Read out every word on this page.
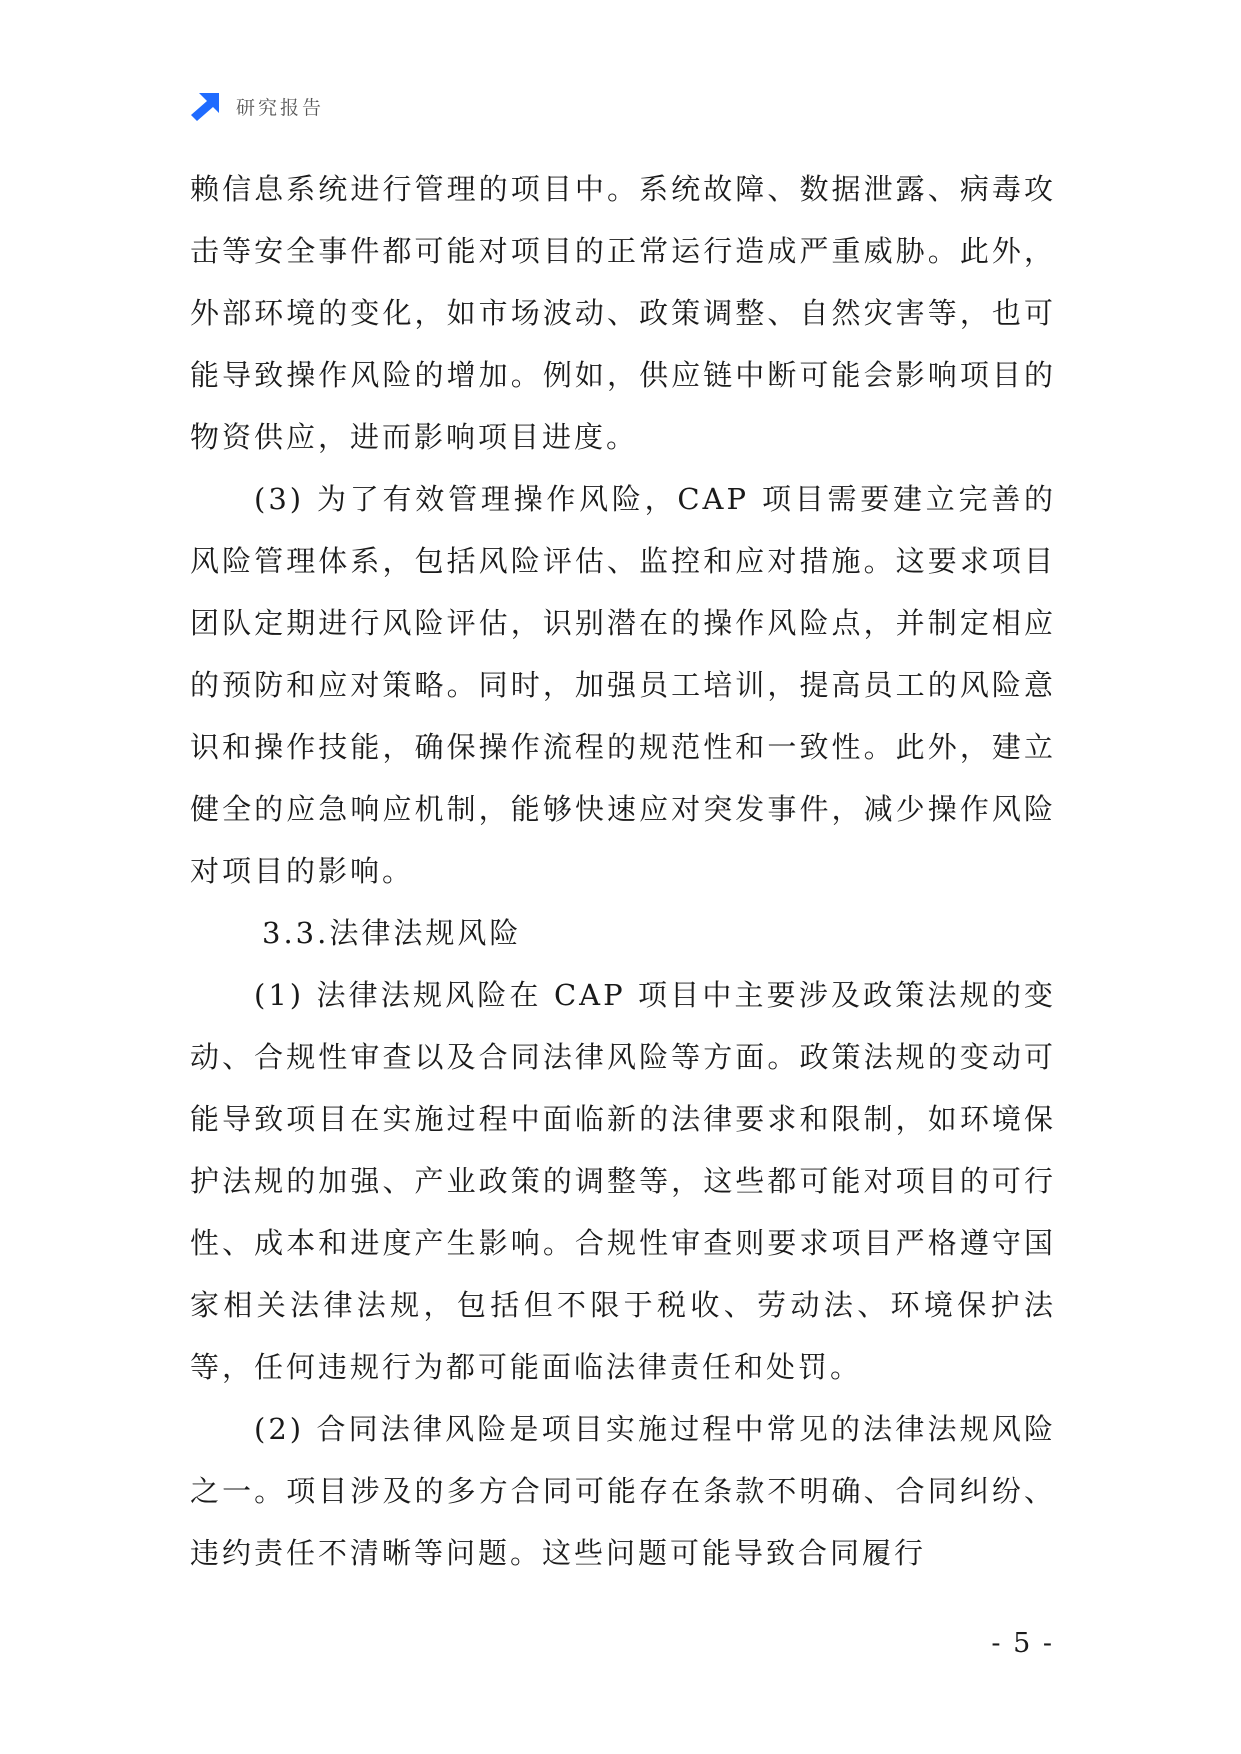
研究报告

赖信息系统进行管理的项目中。系统故障、数据泄露、病毒攻击等安全事件都可能对项目的正常运行造成严重威胁。此外，外部环境的变化，如市场波动、政策调整、自然灾害等，也可能导致操作风险的增加。例如，供应链中断可能会影响项目的物资供应，进而影响项目进度。

(3) 为了有效管理操作风险，CAP 项目需要建立完善的风险管理体系，包括风险评估、监控和应对措施。这要求项目团队定期进行风险评估，识别潜在的操作风险点，并制定相应的预防和应对策略。同时，加强员工培训，提高员工的风险意识和操作技能，确保操作流程的规范性和一致性。此外，建立健全的应急响应机制，能够快速应对突发事件，减少操作风险对项目的影响。

3.3.法律法规风险

(1) 法律法规风险在 CAP 项目中主要涉及政策法规的变动、合规性审查以及合同法律风险等方面。政策法规的变动可能导致项目在实施过程中面临新的法律要求和限制，如环境保护法规的加强、产业政策的调整等，这些都可能对项目的可行性、成本和进度产生影响。合规性审查则要求项目严格遵守国家相关法律法规，包括但不限于税收、劳动法、环境保护法等，任何违规行为都可能面临法律责任和处罚。

(2) 合同法律风险是项目实施过程中常见的法律法规风险之一。项目涉及的多方合同可能存在条款不明确、合同纠纷、违约责任不清晰等问题。这些问题可能导致合同履行

- 5 -
